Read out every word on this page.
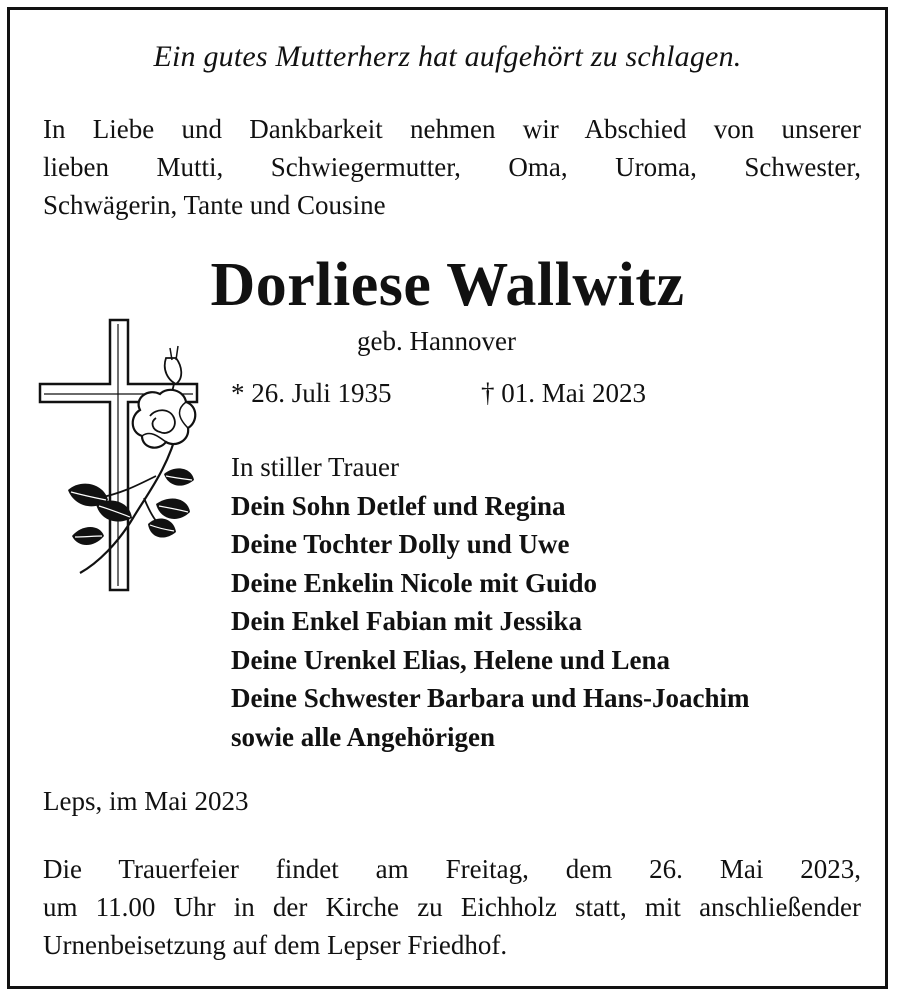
Ein gutes Mutterherz hat aufgehört zu schlagen.
In Liebe und Dankbarkeit nehmen wir Abschied von unserer
lieben Mutti, Schwiegermutter, Oma, Uroma, Schwester,
Schwägerin, Tante und Cousine
Dorliese Wallwitz
geb. Hannover
* 26. Juli 1935	† 01. Mai 2023
In stiller Trauer
Dein Sohn Detlef und Regina
Deine Tochter Dolly und Uwe
Deine Enkelin Nicole mit Guido
Dein Enkel Fabian mit Jessika
Deine Urenkel Elias, Helene und Lena
Deine Schwester Barbara und Hans-Joachim
sowie alle Angehörigen
Leps, im Mai 2023
Die Trauerfeier findet am Freitag, dem 26. Mai 2023,
um 11.00 Uhr in der Kirche zu Eichholz statt, mit anschließender
Urnenbeisetzung auf dem Lepser Friedhof.
